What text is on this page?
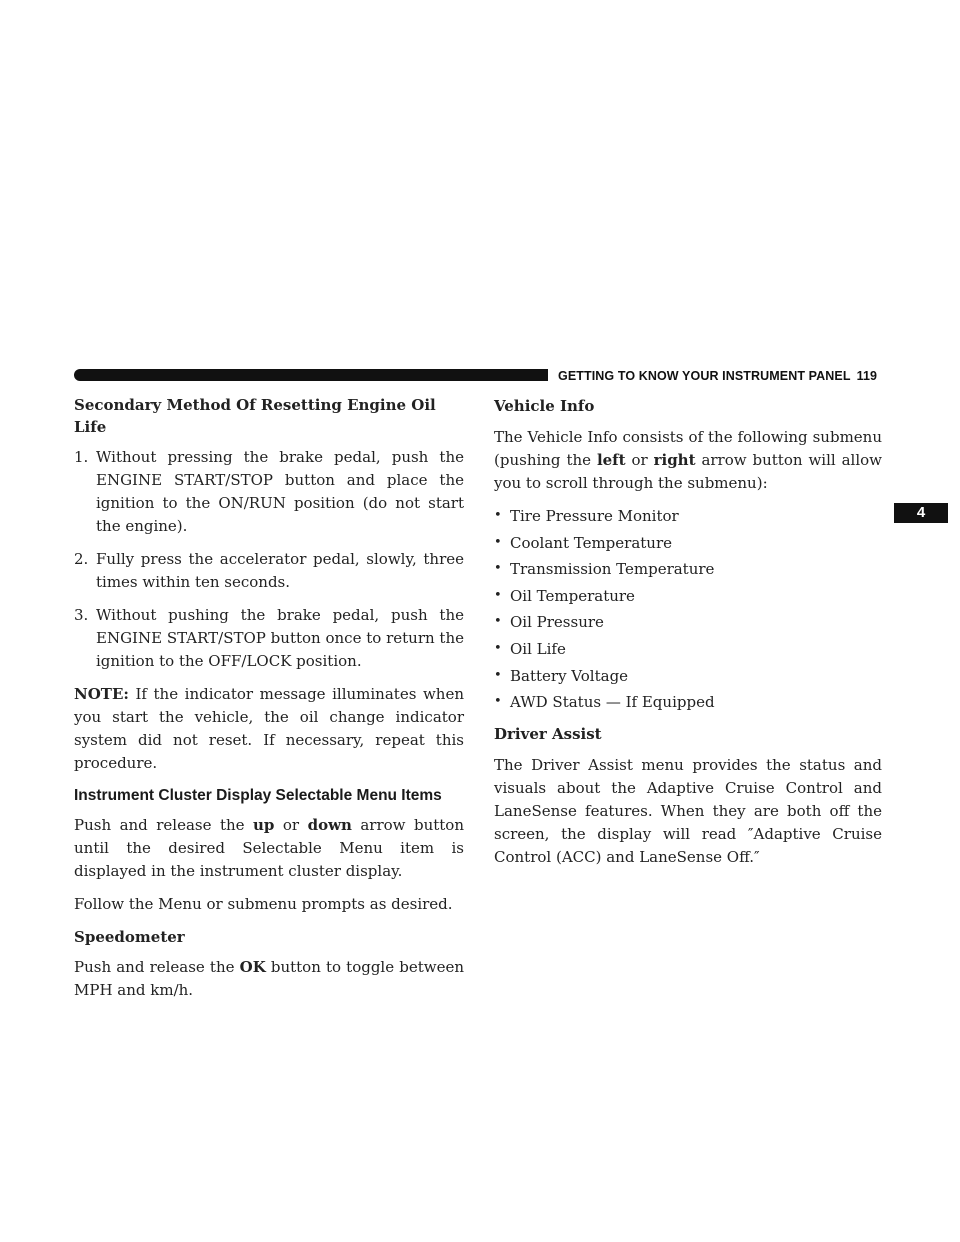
GETTING TO KNOW YOUR INSTRUMENT PANEL 119
4
Secondary Method Of Resetting Engine Oil Life
1. Without pressing the brake pedal, push the ENGINE START/STOP button and place the ignition to the ON/RUN position (do not start the engine).
2. Fully press the accelerator pedal, slowly, three times within ten seconds.
3. Without pushing the brake pedal, push the ENGINE START/STOP button once to return the ignition to the OFF/LOCK position.

NOTE: If the indicator message illuminates when you start the vehicle, the oil change indicator system did not reset. If necessary, repeat this procedure.

Instrument Cluster Display Selectable Menu Items

Push and release the up or down arrow button until the desired Selectable Menu item is displayed in the instrument cluster display.

Follow the Menu or submenu prompts as desired.

Speedometer

Push and release the OK button to toggle between MPH and km/h.

Vehicle Info

The Vehicle Info consists of the following submenu (pushing the left or right arrow button will allow you to scroll through the submenu):

• Tire Pressure Monitor
• Coolant Temperature
• Transmission Temperature
• Oil Temperature
• Oil Pressure
• Oil Life
• Battery Voltage
• AWD Status — If Equipped
Driver Assist

The Driver Assist menu provides the status and visuals about the Adaptive Cruise Control and LaneSense features. When they are both off the screen, the display will read ″Adaptive Cruise Control (ACC) and LaneSense Off.″
